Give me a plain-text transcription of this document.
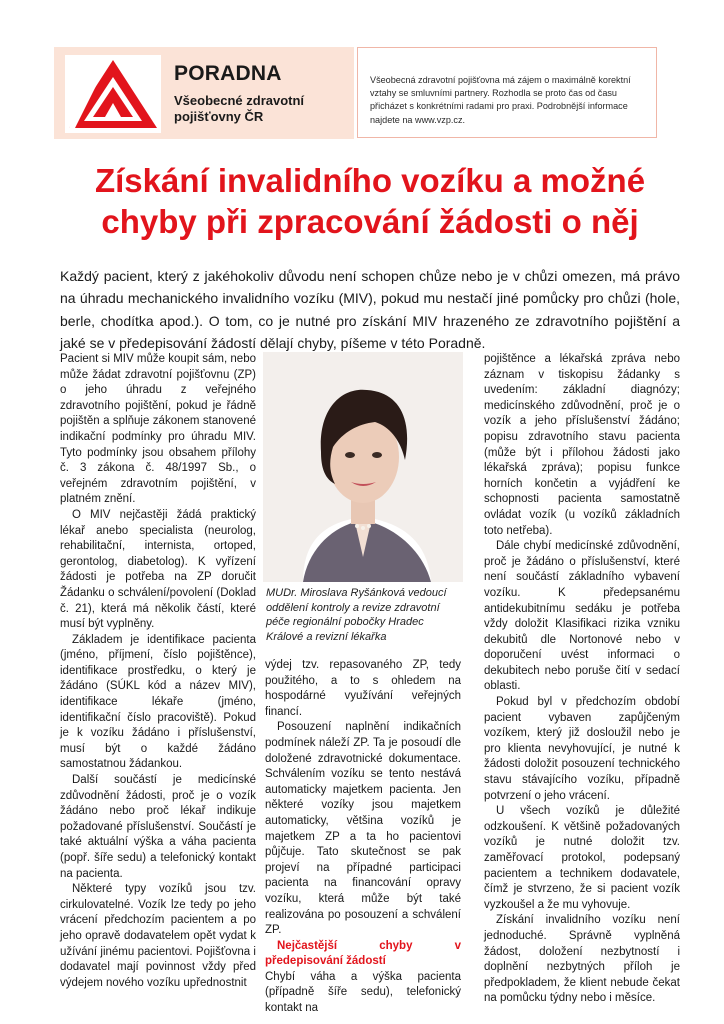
PORADNA
Všeobecné zdravotní pojišťovny ČR
Všeobecná zdravotní pojišťovna má zájem o maximálně korektní vztahy se smluvními partnery. Rozhodla se proto čas od času přicházet s konkrétními radami pro praxi. Podrobnější informace najdete na www.vzp.cz.
Získání invalidního vozíku a možné chyby při zpracování žádosti o něj

Každý pacient, který z jakéhokoliv důvodu není schopen chůze nebo je v chůzi omezen, má právo na úhradu mechanického invalidního vozíku (MIV), pokud mu nestačí jiné pomůcky pro chůzi (hole, berle, chodítka apod.). O tom, co je nutné pro získání MIV hrazeného ze zdravotního pojištění a jaké se v předepisování žádostí dělají chyby, píšeme v této Poradně.

Pacient si MIV může koupit sám, nebo může žádat zdravotní pojišťovnu (ZP) o jeho úhradu z veřejného zdravotního pojištění, pokud je řádně pojištěn a splňuje zákonem stanovené indikační podmínky pro úhradu MIV. Tyto podmínky jsou obsahem přílohy č. 3 zákona č. 48/1997 Sb., o veřejném zdravotním pojištění, v platném znění.

O MIV nejčastěji žádá praktický lékař anebo specialista (neurolog, rehabilitační, internista, ortoped, gerontolog, diabetolog). K vyřízení žádosti je potřeba na ZP doručit Žádanku o schválení/povolení (Doklad č. 21), která má několik částí, které musí být vyplněny.

Základem je identifikace pacienta (jméno, příjmení, číslo pojištěnce), identifikace prostředku, o který je žádáno (SÚKL kód a název MIV), identifikace lékaře (jméno, identifikační číslo pracoviště). Pokud je k vozíku žádáno i příslušenství, musí být o každé žádáno samostatnou žádankou.

Další součástí je medicínské zdůvodnění žádosti, proč je o vozík žádáno nebo proč lékař indikuje požadované příslušenství. Součástí je také aktuální výška a váha pacienta (popř. šíře sedu) a telefonický kontakt na pacienta.

Některé typy vozíků jsou tzv. cirkulovatelné. Vozík lze tedy po jeho vrácení předchozím pacientem a po jeho opravě dodavatelem opět vydat k užívání jinému pacientovi. Pojišťovna i dodavatel mají povinnost vždy před výdejem nového vozíku upřednostnit

MUDr. Miroslava Ryšánková vedoucí oddělení kontroly a revize zdravotní péče regionální pobočky Hradec Králové a revizní lékařka

výdej tzv. repasovaného ZP, tedy použitého, a to s ohledem na hospodárné využívání veřejných financí.

Posouzení naplnění indikačních podmínek náleží ZP. Ta je posoudí dle doložené zdravotnické dokumentace. Schválením vozíku se tento nestává automaticky majetkem pacienta. Jen některé vozíky jsou majetkem automaticky, většina vozíků je majetkem ZP a ta ho pacientovi půjčuje. Tato skutečnost se pak projeví na případné participaci pacienta na financování opravy vozíku, která může být také realizována po posouzení a schválení ZP.

Nejčastější chyby v předepisování žádostí

Chybí váha a výška pacienta (případně šíře sedu), telefonický kontakt na

pojištěnce a lékařská zpráva nebo záznam v tiskopisu žádanky s uvedením: základní diagnózy; medicínského zdůvodnění, proč je o vozík a jeho příslušenství žádáno; popisu zdravotního stavu pacienta (může být i přílohou žádosti jako lékařská zpráva); popisu funkce horních končetin a vyjádření ke schopnosti pacienta samostatně ovládat vozík (u vozíků základních toto netřeba).

Dále chybí medicínské zdůvodnění, proč je žádáno o příslušenství, které není součástí základního vybavení vozíku. K předepsanému antidekubitnímu sedáku je potřeba vždy doložit Klasifikaci rizika vzniku dekubitů dle Nortonové nebo v doporučení uvést informaci o dekubitech nebo poruše čití v sedací oblasti.

Pokud byl v předchozím období pacient vybaven zapůjčeným vozíkem, který již dosloužil nebo je pro klienta nevyhovující, je nutné k žádosti doložit posouzení technického stavu stávajícího vozíku, případně potvrzení o jeho vrácení.

U všech vozíků je důležité odzkoušení. K většině požadovaných vozíků je nutné doložit tzv. zaměřovací protokol, podepsaný pacientem a technikem dodavatele, čímž je stvrzeno, že si pacient vozík vyzkoušel a že mu vyhovuje.

Získání invalidního vozíku není jednoduché. Správně vyplněná žádost, doložení nezbytností i doplnění nezbytných příloh je předpokladem, že klient nebude čekat na pomůcku týdny nebo i měsíce.
